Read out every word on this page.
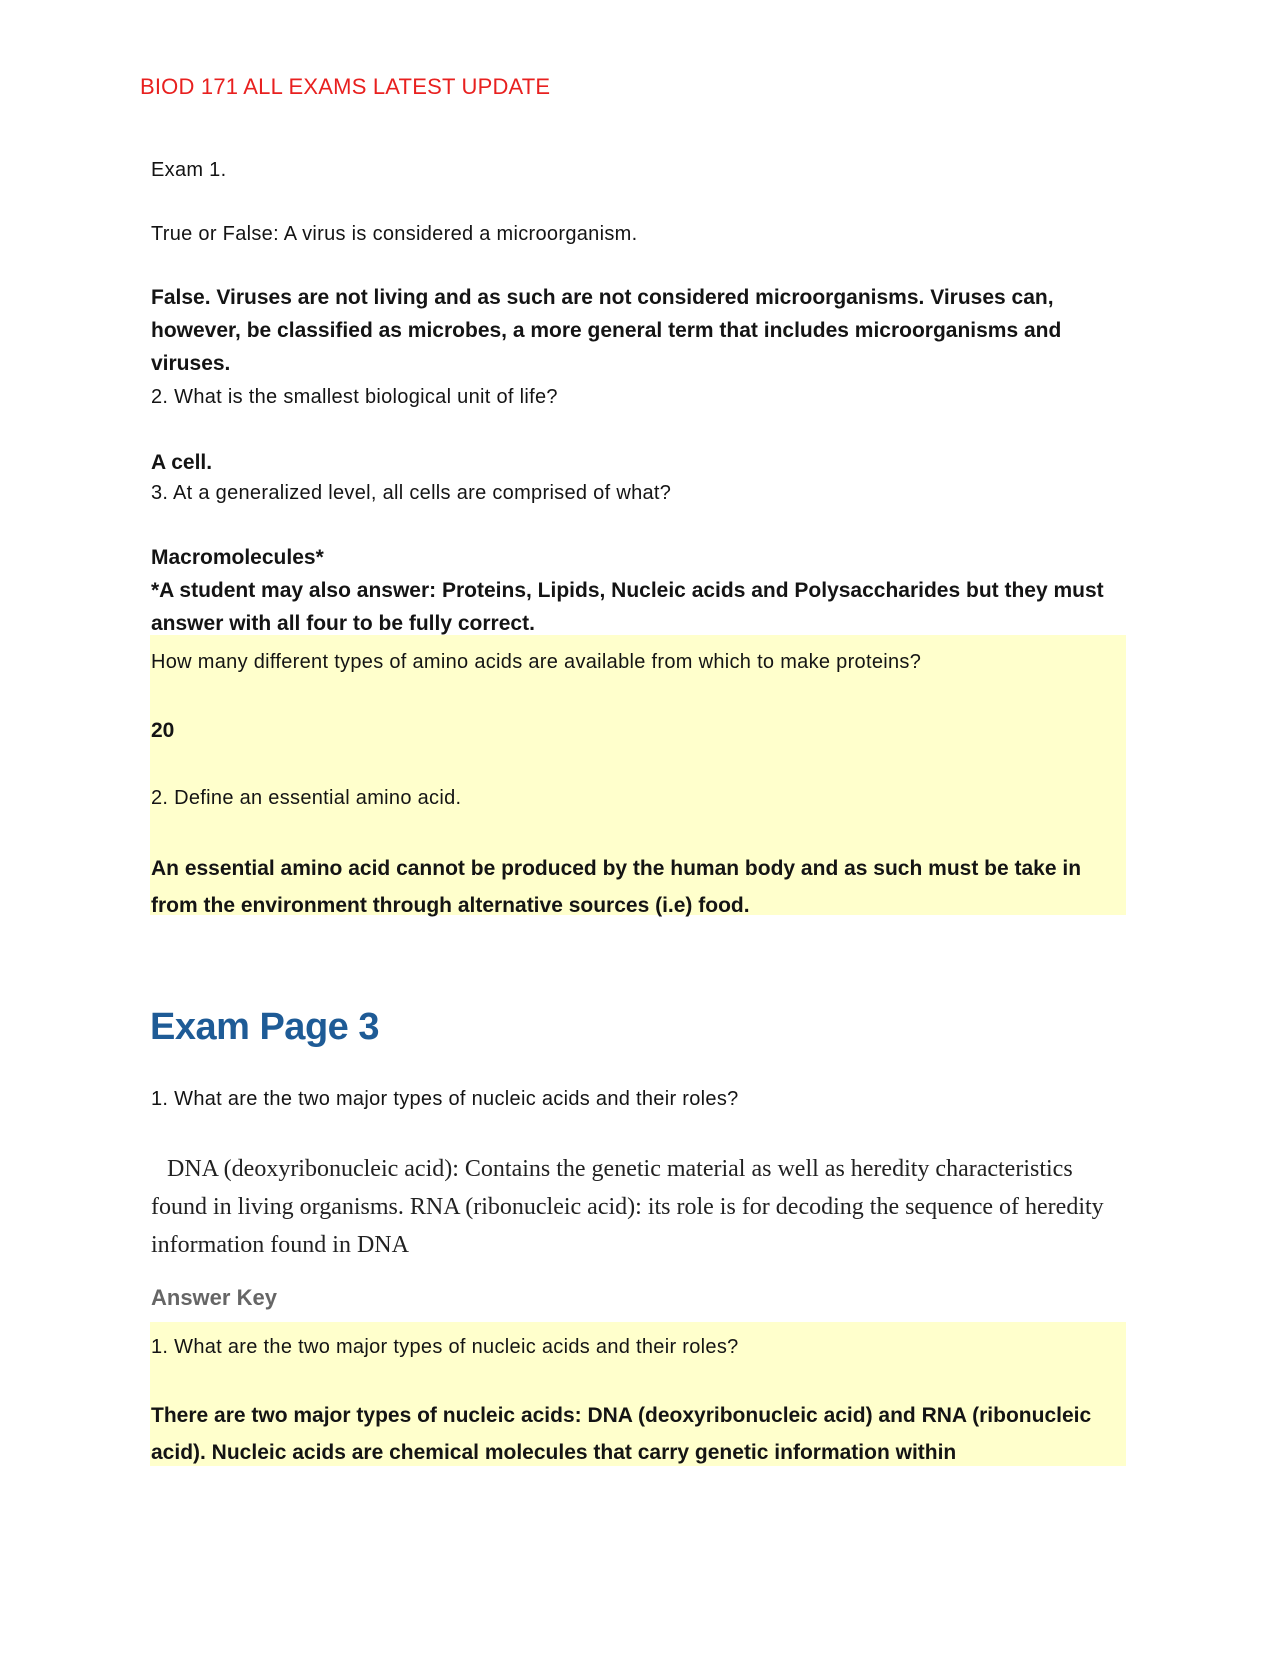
BIOD 171 ALL EXAMS LATEST UPDATE

Exam 1.

True or False: A virus is considered a microorganism.

False. Viruses are not living and as such are not considered microorganisms. Viruses can, however, be classified as microbes, a more general term that includes microorganisms and viruses.

2. What is the smallest biological unit of life?

A cell.

3. At a generalized level, all cells are comprised of what?

Macromolecules*

*A student may also answer: Proteins, Lipids, Nucleic acids and Polysaccharides but they must answer with all four to be fully correct.

How many different types of amino acids are available from which to make proteins?

20

2. Define an essential amino acid.

An essential amino acid cannot be produced by the human body and as such must be take in from the environment through alternative sources (i.e) food.

Exam Page 3

1. What are the two major types of nucleic acids and their roles?

DNA (deoxyribonucleic acid): Contains the genetic material as well as heredity characteristics found in living organisms. RNA (ribonucleic acid): its role is for decoding the sequence of heredity information found in DNA

Answer Key

1. What are the two major types of nucleic acids and their roles?

There are two major types of nucleic acids: DNA (deoxyribonucleic acid) and RNA (ribonucleic acid). Nucleic acids are chemical molecules that carry genetic information within
